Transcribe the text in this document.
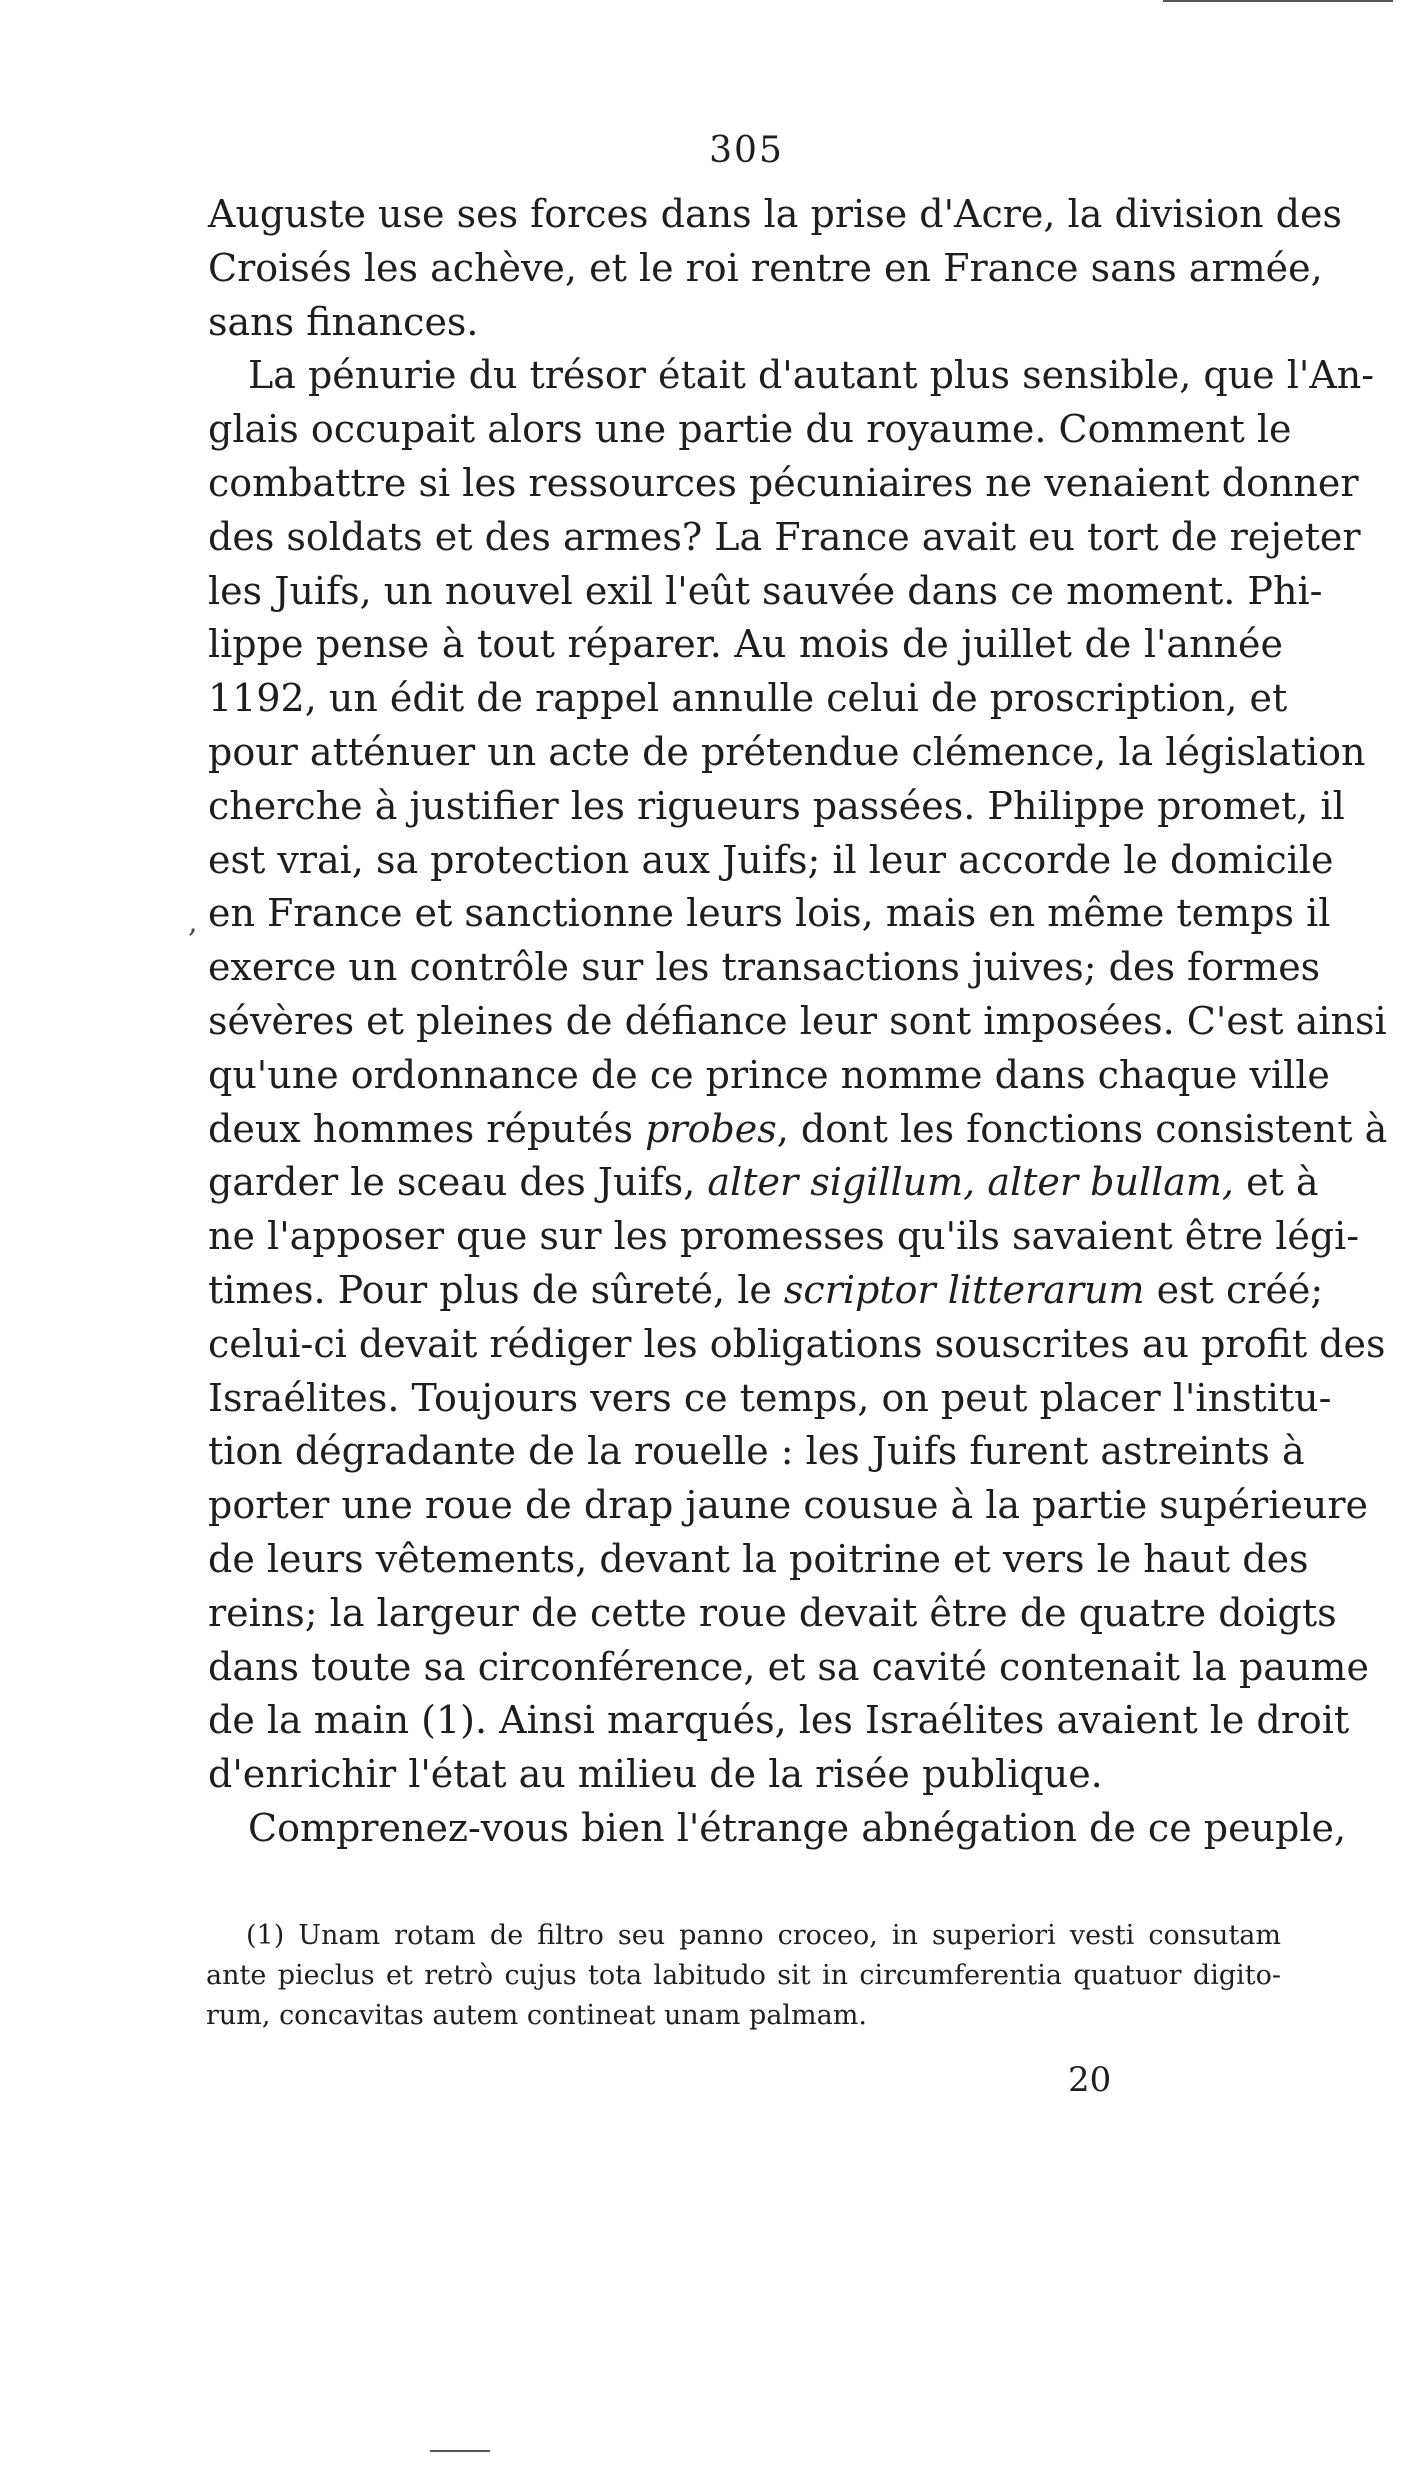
305
Auguste use ses forces dans la prise d'Acre, la division des
Croisés les achève, et le roi rentre en France sans armée,
sans finances.
La pénurie du trésor était d'autant plus sensible, que l'An-
glais occupait alors une partie du royaume. Comment le
combattre si les ressources pécuniaires ne venaient donner
des soldats et des armes? La France avait eu tort de rejeter
les Juifs, un nouvel exil l'eût sauvée dans ce moment. Phi-
lippe pense à tout réparer. Au mois de juillet de l'année
1192, un édit de rappel annulle celui de proscription, et
pour atténuer un acte de prétendue clémence, la législation
cherche à justifier les rigueurs passées. Philippe promet, il
est vrai, sa protection aux Juifs; il leur accorde le domicile
en France et sanctionne leurs lois, mais en même temps il
exerce un contrôle sur les transactions juives; des formes
sévères et pleines de défiance leur sont imposées. C'est ainsi
qu'une ordonnance de ce prince nomme dans chaque ville
deux hommes réputés probes, dont les fonctions consistent à
garder le sceau des Juifs, alter sigillum, alter bullam, et à
ne l'apposer que sur les promesses qu'ils savaient être légi-
times. Pour plus de sûreté, le scriptor litterarum est créé;
celui-ci devait rédiger les obligations souscrites au profit des
Israélites. Toujours vers ce temps, on peut placer l'institu-
tion dégradante de la rouelle : les Juifs furent astreints à
porter une roue de drap jaune cousue à la partie supérieure
de leurs vêtements, devant la poitrine et vers le haut des
reins; la largeur de cette roue devait être de quatre doigts
dans toute sa circonférence, et sa cavité contenait la paume
de la main (1). Ainsi marqués, les Israélites avaient le droit
d'enrichir l'état au milieu de la risée publique.
Comprenez-vous bien l'étrange abnégation de ce peuple,
(1) Unam rotam de filtro seu panno croceo, in superiori vesti consutam
ante pieclus et retrò cujus tota labitudo sit in circumferentia quatuor digito-
rum, concavitas autem contineat unam palmam.
20
,
